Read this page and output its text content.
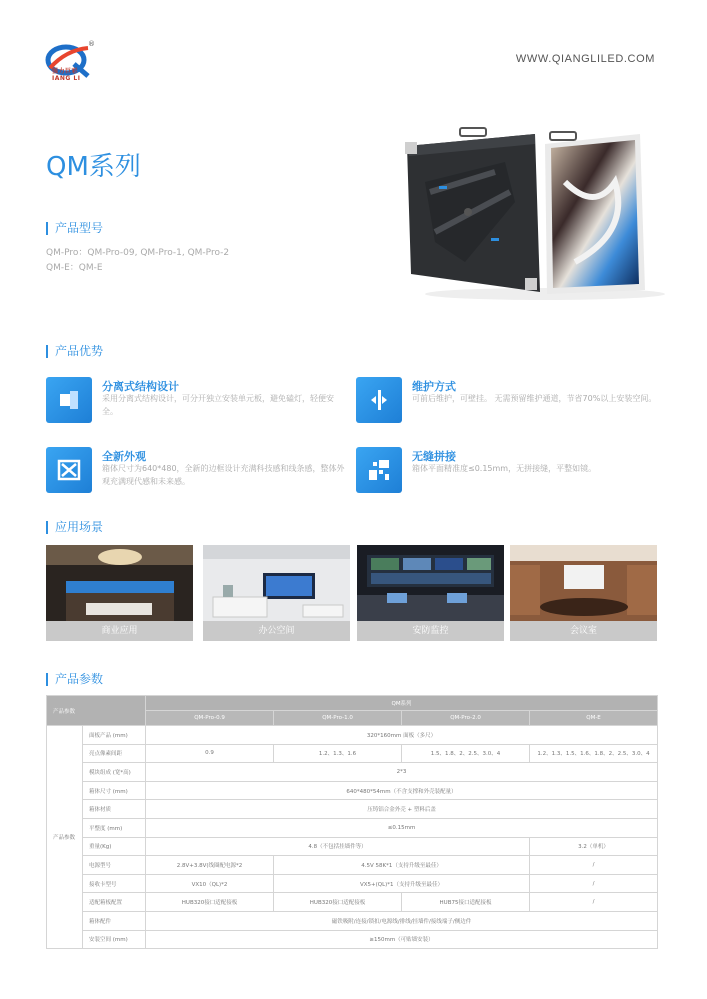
强力巨彩
IANG LI
®
WWW.QIANGLILED.COM
QM系列
产品型号
QM-Pro：QM-Pro-09, QM-Pro-1, QM-Pro-2
QM-E：QM-E
产品优势
分离式结构设计
采用分离式结构设计，可分开独立安装单元板，避免磕灯，轻便安全。
维护方式
可前后维护，可壁挂。 无需预留维护通道，节省70%以上安装空间。
全新外观
箱体尺寸为640*480，全新的边框设计充满科技感和线条感，整体外观充满现代感和未来感。
无缝拼接
箱体平面精准度≤0.15mm，无拼接缝，平整如镜。
应用场景
商业应用	办公空间	安防监控	会议室
产品参数
产品参数		QM系列			
		QM-Pro-0.9	QM-Pro-1.0	QM-Pro-2.0	QM-E
产品参数	面板产品 (mm)	320*160mm 面板（多尺）			
	亮点像素间距	0.9	1.2、1.3、1.6	1.5、1.8、2、2.5、3.0、4	1.2、1.3、1.5、1.6、1.8、2、2.5、3.0、4
	模块组成 (宽*高)	2*3			
	箱体尺寸 (mm)	640*480*54mm（不含支撑和外壳装配量）			
	箱体材质	压铸铝合金外壳 + 塑料后盖			
	平整度 (mm)	≤0.15mm			
	重量(Kg)	4.8（不包括挂墙件等）			3.2（单机）
	电源型号	2.8V+3.8V(线圈配电源*2	4.5V 58K*1（支持升级至最佳）		/
	接收卡型号	VX10（QL)*2	VX5+(QL)*1（支持升级至最佳）		/
	适配箱板配置	HUB320接口适配接板	HUB320接口适配接板	HUB75接口适配接板	/
	箱体配件	磁铁吸附/连接/锁扣/电源线/排线/挂墙件/接线端子/侧边件			
	安装空间 (mm)	≥150mm（可贴墙安装）			
